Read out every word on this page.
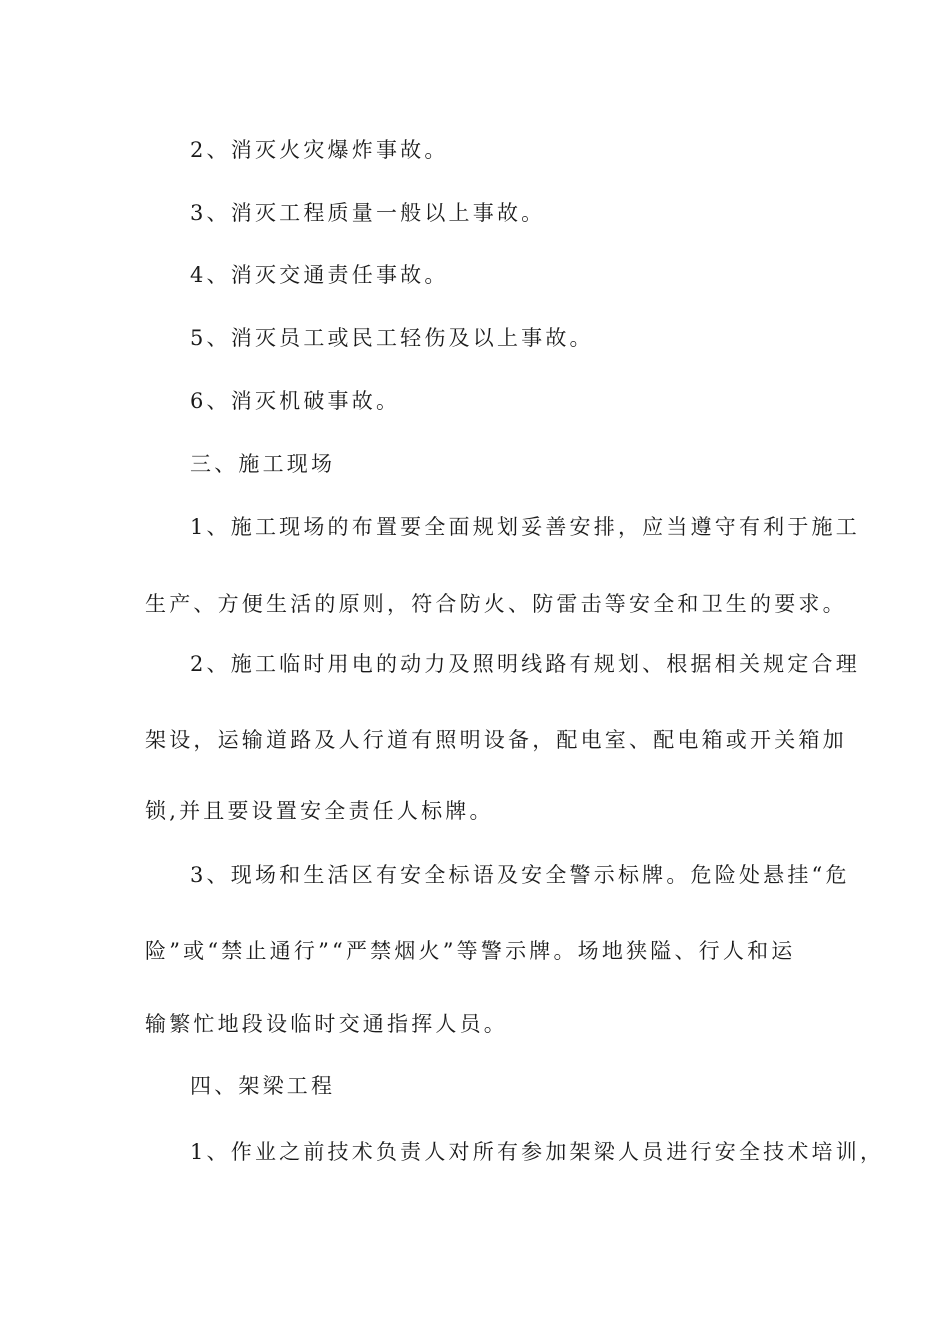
2、消灭火灾爆炸事故。
3、消灭工程质量一般以上事故。
4、消灭交通责任事故。
5、消灭员工或民工轻伤及以上事故。
6、消灭机破事故。
三、施工现场
1、施工现场的布置要全面规划妥善安排，应当遵守有利于施工
生产、方便生活的原则，符合防火、防雷击等安全和卫生的要求。
2、施工临时用电的动力及照明线路有规划、根据相关规定合理
架设，运输道路及人行道有照明设备，配电室、配电箱或开关箱加
锁,并且要设置安全责任人标牌。
3、现场和生活区有安全标语及安全警示标牌。危险处悬挂“危
险”或“禁止通行”“严禁烟火”等警示牌。场地狭隘、行人和运
输繁忙地段设临时交通指挥人员。
四、架梁工程
1、作业之前技术负责人对所有参加架梁人员进行安全技术培训，
